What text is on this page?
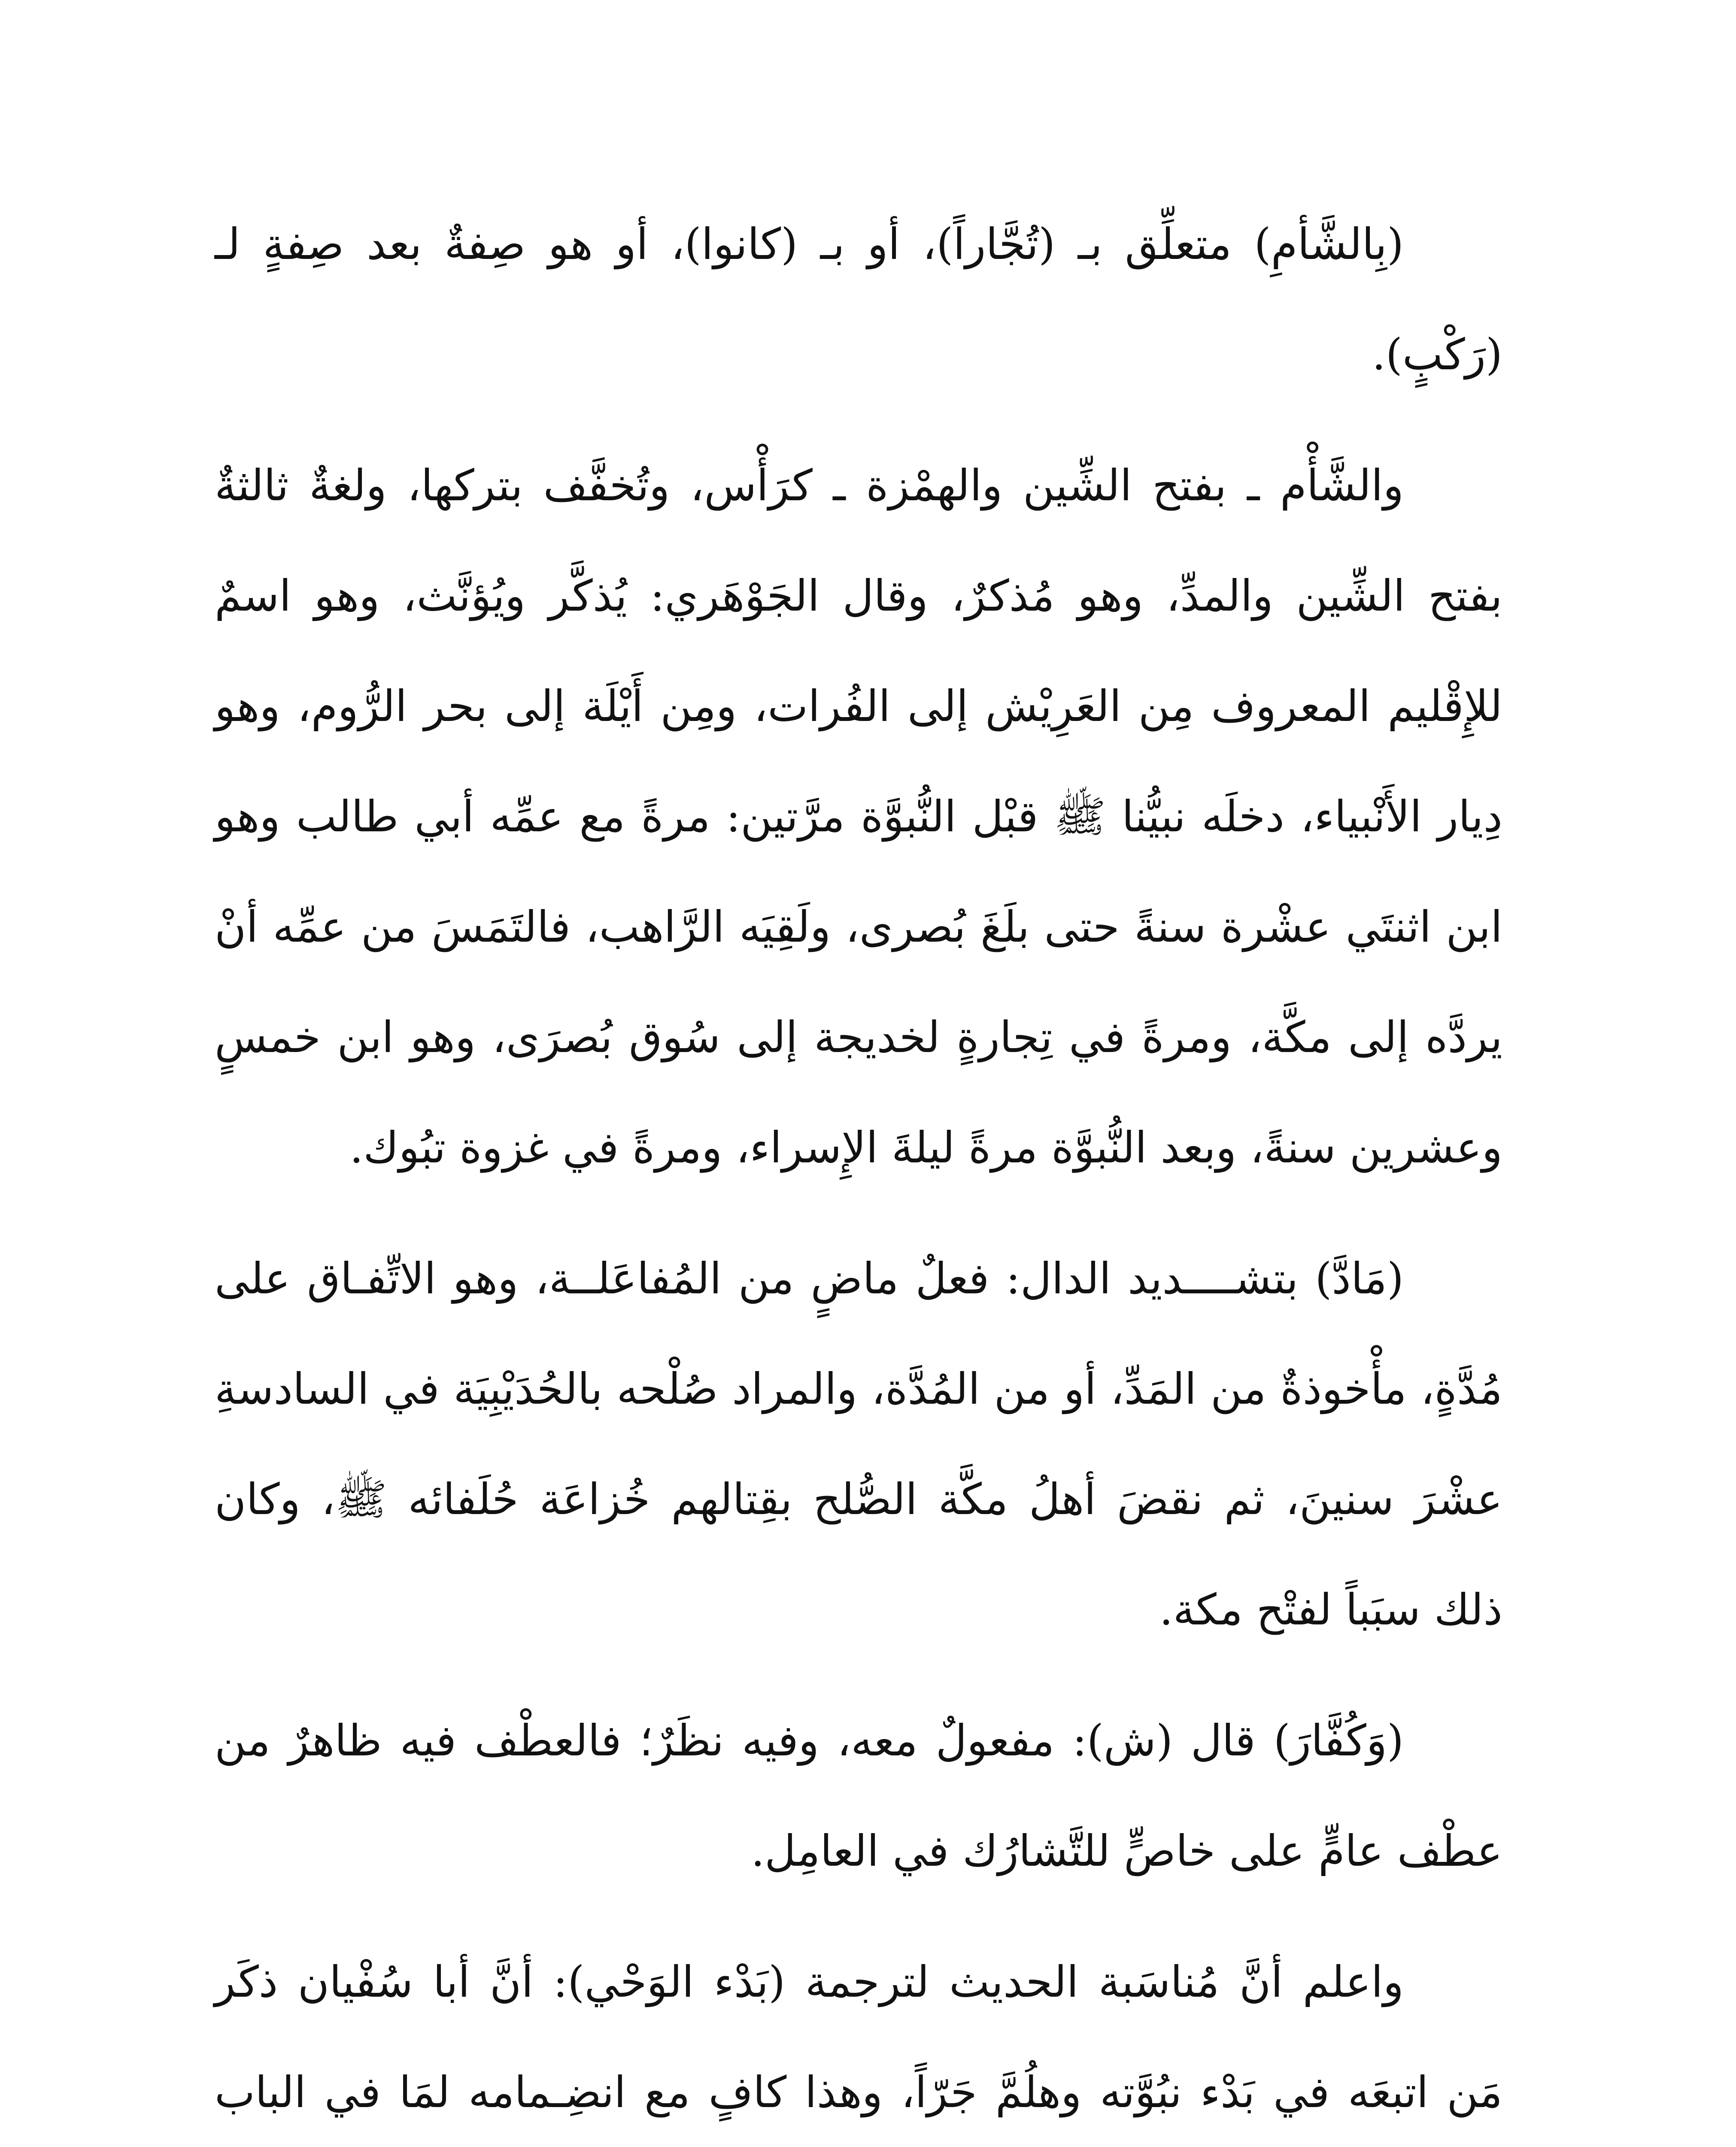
(بِالشَّأمِ) متعلِّق بـ (تُجَّاراً)، أو بـ (كانوا)، أو هو صِفةٌ بعد صِفةٍ لـ (رَكْبٍ).

والشَّأْم ـ بفتح الشِّين والهمْزة ـ كرَأْس، وتُخفَّف بتركها، ولغةٌ ثالثةٌ بفتح الشِّين والمدِّ، وهو مُذكرٌ، وقال الجَوْهَري: يُذكَّر ويُؤنَّث، وهو اسمٌ للإِقْليم المعروف مِن العَرِيْش إلى الفُرات، ومِن أَيْلَة إلى بحر الرُّوم، وهو دِيار الأَنْبياء، دخلَه نبيُّنا ﷺ قبْل النُّبوَّة مرَّتين: مرةً مع عمِّه أبي طالب وهو ابن اثنتَي عشْرة سنةً حتى بلَغَ بُصرى، ولَقِيَه الرَّاهب، فالتَمَسَ من عمِّه أنْ يردَّه إلى مكَّة، ومرةً في تِجارةٍ لخديجة إلى سُوق بُصرَى، وهو ابن خمسٍ وعشرين سنةً، وبعد النُّبوَّة مرةً ليلةَ الإِسراء، ومرةً في غزوة تبُوك.

(مَادَّ) بتشــــديد الدال: فعلٌ ماضٍ من المُفاعَلــة، وهو الاتِّفـاق على مُدَّةٍ، مأْخوذةٌ من المَدِّ، أو من المُدَّة، والمراد صُلْحه بالحُدَيْبِيَة في السادسةِ عشْرَ سنينَ، ثم نقضَ أهلُ مكَّة الصُّلح بقِتالهم خُزاعَة حُلَفائه ﷺ، وكان ذلك سبَباً لفتْح مكة.

(وَكُفَّارَ) قال (ش): مفعولٌ معه، وفيه نظَرٌ؛ فالعطْف فيه ظاهرٌ من عطْف عامٍّ على خاصٍّ للتَّشارُك في العامِل.

واعلم أنَّ مُناسَبة الحديث لترجمة (بَدْء الوَحْي): أنَّ أبا سُفْيان ذكَر مَن اتبعَه في بَدْء نبُوَّته وهلُمَّ جَرّاً، وهذا كافٍ مع انضِـمامه لمَا في الباب
